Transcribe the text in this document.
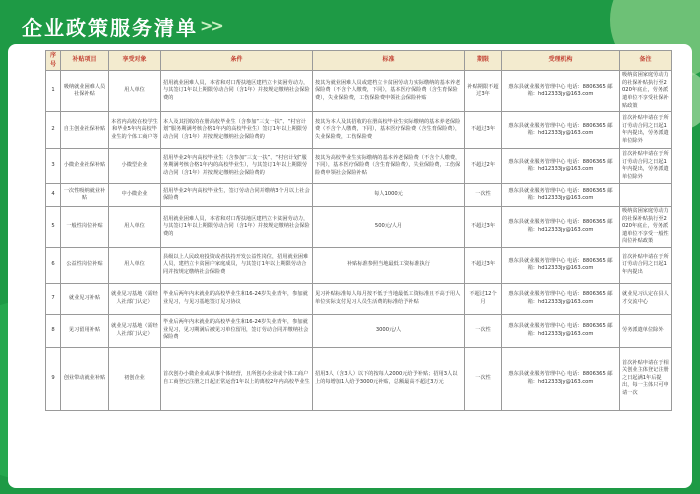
企业政策服务清单 >>
序号	补贴项目	享受对象	条件	标准	期限	受理机构	备注
1	吸纳就业困难人员社保补贴	用人单位	招用就业困难人员，本省和对口帮扶地区建档立卡贫困劳动力，与其签订1年以上期限劳动合同（含1年）并按规定缴纳社会保险费的	按其为就业困难人员或建档立卡贫困劳动力实际缴纳的基本养老保险费（不含个人缴费，下同），基本医疗保险费（含生育保险费），失业保险费，工伤保险费申领社会保险补贴	补贴期限不超过3年	惠东县就业服务管理中心 电话：8806365 邮箱：hd12333jy@163.com	吸纳贫困家庭劳动力的社保补贴执行至2020年底止，劳务派遣单位不享受社保补贴政策
2	自主创业社保补贴	本省内高校在校学生和毕业5年内高校毕业生的个体工商户等	本人及其招收的在册高校毕业生（含参加“三支一扶”、“村官计划”服务期满考核合格1年内的高校毕业生）签订1年以上期限劳动合同（含1年）并按规定缴纳社会保险费的	按其为本人及其招收的在册高校毕业生实际缴纳的基本养老保险费（不含个人缴费，下同），基本医疗保险费（含生育保险费），失业保险费，工伤保险费	不超过3年	惠东县就业服务管理中心 电话：8806365 邮箱：hd12333jy@163.com	首次补贴申请在于所订劳动合同之日起1年内提出，劳务派遣单位除外
3	小微企业社保补贴	小微型企业	招用毕业2年内高校毕业生（含参加“三支一扶”、“村官计划”服务期满考核合格1年内的高校毕业生），与其签订1年以上期限劳动合同（含1年）并按规定缴纳社会保险费的	按其为高校毕业生实际缴纳的基本养老保险费（不含个人缴费，下同），基本医疗保险费（含生育保险费），失业保险费，工伤保险费申领社会保险补贴	不超过2年	惠东县就业服务管理中心 电话：8806365 邮箱：hd12333jy@163.com	首次补贴申请在于所订劳动合同之日起1年内提出，劳务派遣单位除外
4	一次性吸纳就业补贴	中小微企业	招用毕业2年内高校毕业生，签订劳动合同并缴纳3个月以上社会保险费	每人1000元	一次性	惠东县就业服务管理中心 电话：8806365 邮箱：hd12333jy@163.com	
5	一般性岗位补贴	用人单位	招用就业困难人员，本省和对口帮扶地区建档立卡贫困劳动力，与其签订1年以上期限劳动合同（含1年）并按规定缴纳社会保险费的	500元/人月	不超过3年	惠东县就业服务管理中心 电话：8806365 邮箱：hd12333jy@163.com	吸纳贫困家庭劳动力的社保补贴执行至2020年底止，劳务派遣单位不享受一般性岗位补贴政策
6	公益性岗位补贴	用人单位	县级以上人民政府投资或者扶持开发公益性岗位，招用就业困难人员，建档立卡贫困户家庭成员，与其签订1年以上期限劳动合同并按规定缴纳社会保险费	补贴标准参照当地最低工资标准执行	不超过3年	惠东县就业服务管理中心 电话：8806365 邮箱：hd12333jy@163.com	首次补贴申请在于所订劳动合同之日起1年内提出
7	就业见习补贴	就业见习基地（需经人社部门认定）	毕业后两年内未就业的高校毕业生和16-24岁失业青年，参加就业见习，与见习基地签订见习协议	见习补贴标准每人每月按不低于当地最低工资标准且不高于用人单位实际支付见习人员生活费的标准给予补贴	不超过12个月	惠东县就业服务管理中心 电话：8806365 邮箱：hd12333jy@163.com	就业见习认定在县人才交流中心
8	见习留用补贴	就业见习基地（需经人社部门认定）	毕业后两年内未就业的高校毕业生和16-24岁失业青年，参加就业见习，见习期满后被见习单位留用，签订劳动合同并缴纳社会保险费	3000元/人	一次性	惠东县就业服务管理中心 电话：8806365 邮箱：hd12333jy@163.com	劳务派遣单位除外
9	创业带动就业补贴	初创企业	首次创办小微企业或从事个体经营，且所创办企业或个体工商户自工商登记注册之日起正常运营1年以上的离校2年内高校毕业生	招用3人（含3人）以下的按每人2000元给予补贴；招用3人以上的每增加1人给予3000元补贴，总额最高不超过3万元	一次性	惠东县就业服务管理中心 电话：8806365 邮箱：hd12333jy@163.com	首次补贴申请在于相关创业主体登记注册之日起满1年后提出，每一主体只可申请一次
